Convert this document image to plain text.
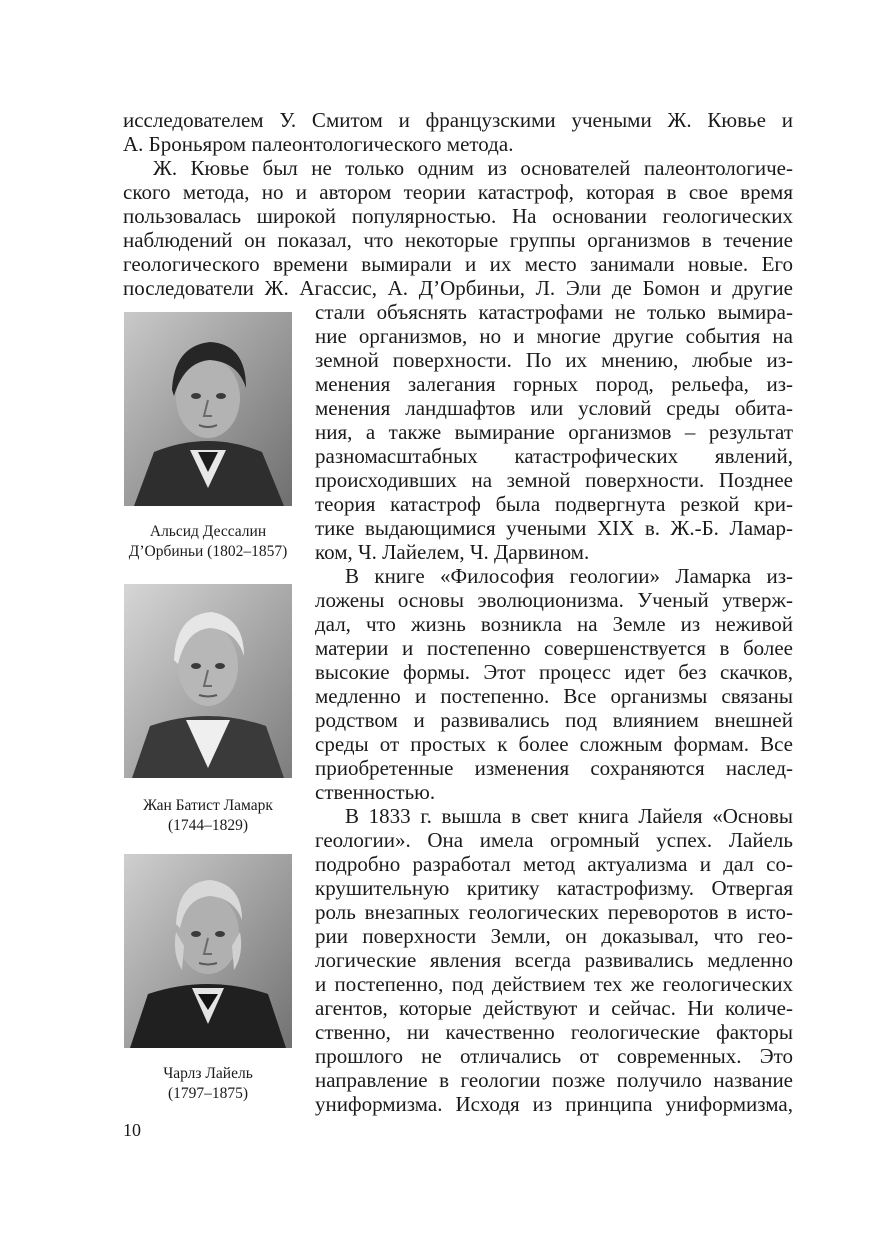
исследователем У. Смитом и французскими учеными Ж. Кювье и
А. Броньяром палеонтологического метода.
Ж. Кювье был не только одним из основателей палеонтологиче-
ского метода, но и автором теории катастроф, которая в свое время
пользовалась широкой популярностью. На основании геологических
наблюдений он показал, что некоторые группы организмов в течение
геологического времени вымирали и их место занимали новые. Его
последователи Ж. Агассис, А. Д’Орбиньи, Л. Эли де Бомон и другие
стали объяснять катастрофами не только вымира-
ние организмов, но и многие другие события на
земной поверхности. По их мнению, любые из-
менения залегания горных пород, рельефа, из-
менения ландшафтов или условий среды обита-
ния, а также вымирание организмов – результат
разномасштабных катастрофических явлений,
происходивших на земной поверхности. Позднее
теория катастроф была подвергнута резкой кри-
тике выдающимися учеными XIX в. Ж.-Б. Ламар-
ком, Ч. Лайелем, Ч. Дарвином.
В книге «Философия геологии» Ламарка из-
ложены основы эволюционизма. Ученый утверж-
дал, что жизнь возникла на Земле из неживой
материи и постепенно совершенствуется в более
высокие формы. Этот процесс идет без скачков,
медленно и постепенно. Все организмы связаны
родством и развивались под влиянием внешней
среды от простых к более сложным формам. Все
приобретенные изменения сохраняются наслед-
ственностью.
В 1833 г. вышла в свет книга Лайеля «Основы
геологии». Она имела огромный успех. Лайель
подробно разработал метод актуализма и дал со-
крушительную критику катастрофизму. Отвергая
роль внезапных геологических переворотов в исто-
рии поверхности Земли, он доказывал, что гео-
логические явления всегда развивались медленно
и постепенно, под действием тех же геологических
агентов, которые действуют и сейчас. Ни количе-
ственно, ни качественно геологические факторы
прошлого не отличались от современных. Это
направление в геологии позже получило название
униформизма. Исходя из принципа униформизма,
Альсид Дессалин
Д’Орбиньи (1802–1857)
Жан Батист Ламарк
(1744–1829)
Чарлз Лайель
(1797–1875)
10
